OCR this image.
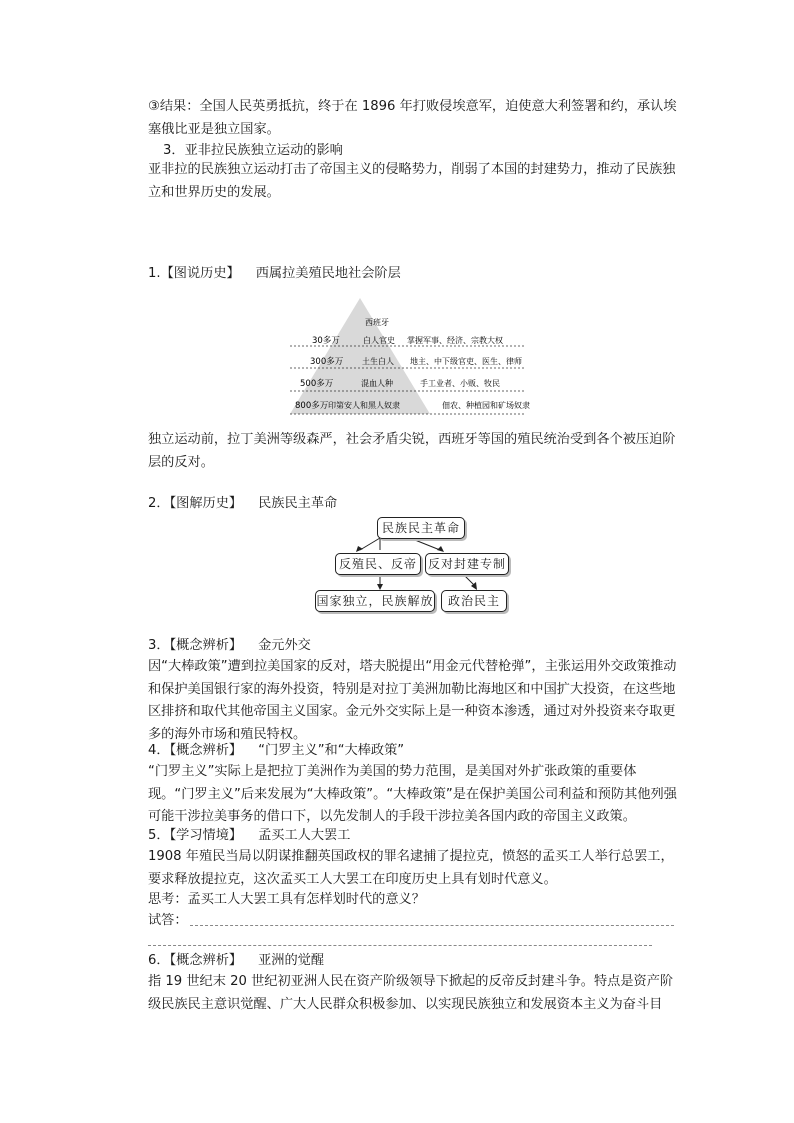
③结果：全国人民英勇抵抗，终于在 1896 年打败侵埃意军，迫使意大利签署和约，承认埃塞俄比亚是独立国家。

3．亚非拉民族独立运动的影响

亚非拉的民族独立运动打击了帝国主义的侵略势力，削弱了本国的封建势力，推动了民族独立和世界历史的发展。

1.【图说历史】 西属拉美殖民地社会阶层
西班牙
30多万	白人官史 掌握军事、经济、宗教大权
300多万 土生白人 地主、中下级官吏、医生、律师
500多万	混血人种	手工业者、小贩、牧民
800多万 印第安人和黑人奴隶	佃农、种植园和矿场奴隶

独立运动前，拉丁美洲等级森严，社会矛盾尖锐，西班牙等国的殖民统治受到各个被压迫阶层的反对。

2．【图解历史】 民族民主革命
民族民主革命
反殖民、反帝 反对封建专制
国家独立，民族解放	政治民主
3．【概念辨析】 金元外交

因“大棒政策”遭到拉美国家的反对，塔夫脱提出“用金元代替枪弹”，主张运用外交政策推动和保护美国银行家的海外投资，特别是对拉丁美洲加勒比海地区和中国扩大投资，在这些地区排挤和取代其他帝国主义国家。金元外交实际上是一种资本渗透，通过对外投资来夺取更多的海外市场和殖民特权。

4．【概念辨析】 “门罗主义”和“大棒政策”

“门罗主义”实际上是把拉丁美洲作为美国的势力范围，是美国对外扩张政策的重要体现。“门罗主义”后来发展为“大棒政策”。“大棒政策”是在保护美国公司利益和预防其他列强可能干涉拉美事务的借口下，以先发制人的手段干涉拉美各国内政的帝国主义政策。

5．【学习情境】 孟买工人大罢工

1908 年殖民当局以阴谋推翻英国政权的罪名逮捕了提拉克，愤怒的孟买工人举行总罢工，要求释放提拉克，这次孟买工人大罢工在印度历史上具有划时代意义。

思考：孟买工人大罢工具有怎样划时代的意义？
试答：
6．【概念辨析】 亚洲的觉醒

指 19 世纪末 20 世纪初亚洲人民在资产阶级领导下掀起的反帝反封建斗争。特点是资产阶级民族民主意识觉醒、广大人民群众积极参加、以实现民族独立和发展资本主义为奋斗目
